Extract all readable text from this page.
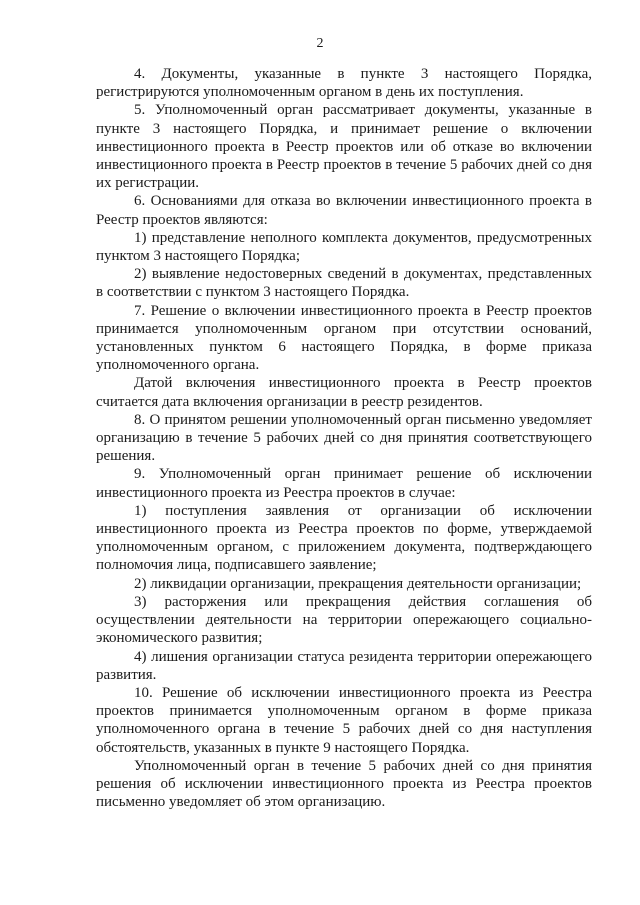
2

4. Документы, указанные в пункте 3 настоящего Порядка, регистрируются уполномоченным органом в день их поступления.

5. Уполномоченный орган рассматривает документы, указанные в пункте 3 настоящего Порядка, и принимает решение о включении инвестиционного проекта в Реестр проектов или об отказе во включении инвестиционного проекта в Реестр проектов в течение 5 рабочих дней со дня их регистрации.

6. Основаниями для отказа во включении инвестиционного проекта в Реестр проектов являются:

1) представление неполного комплекта документов, предусмотренных пунктом 3 настоящего Порядка;

2) выявление недостоверных сведений в документах, представленных в соответствии с пунктом 3 настоящего Порядка.

7. Решение о включении инвестиционного проекта в Реестр проектов принимается уполномоченным органом при отсутствии оснований, установленных пунктом 6 настоящего Порядка, в форме приказа уполномоченного органа.

Датой включения инвестиционного проекта в Реестр проектов считается дата включения организации в реестр резидентов.

8. О принятом решении уполномоченный орган письменно уведомляет организацию в течение 5 рабочих дней со дня принятия соответствующего решения.

9. Уполномоченный орган принимает решение об исключении инвестиционного проекта из Реестра проектов в случае:

1) поступления заявления от организации об исключении инвестиционного проекта из Реестра проектов по форме, утверждаемой уполномоченным органом, с приложением документа, подтверждающего полномочия лица, подписавшего заявление;

2) ликвидации организации, прекращения деятельности организации;

3) расторжения или прекращения действия соглашения об осуществлении деятельности на территории опережающего социально-экономического развития;

4) лишения организации статуса резидента территории опережающего развития.

10. Решение об исключении инвестиционного проекта из Реестра проектов принимается уполномоченным органом в форме приказа уполномоченного органа в течение 5 рабочих дней со дня наступления обстоятельств, указанных в пункте 9 настоящего Порядка.

Уполномоченный орган в течение 5 рабочих дней со дня принятия решения об исключении инвестиционного проекта из Реестра проектов письменно уведомляет об этом организацию.
